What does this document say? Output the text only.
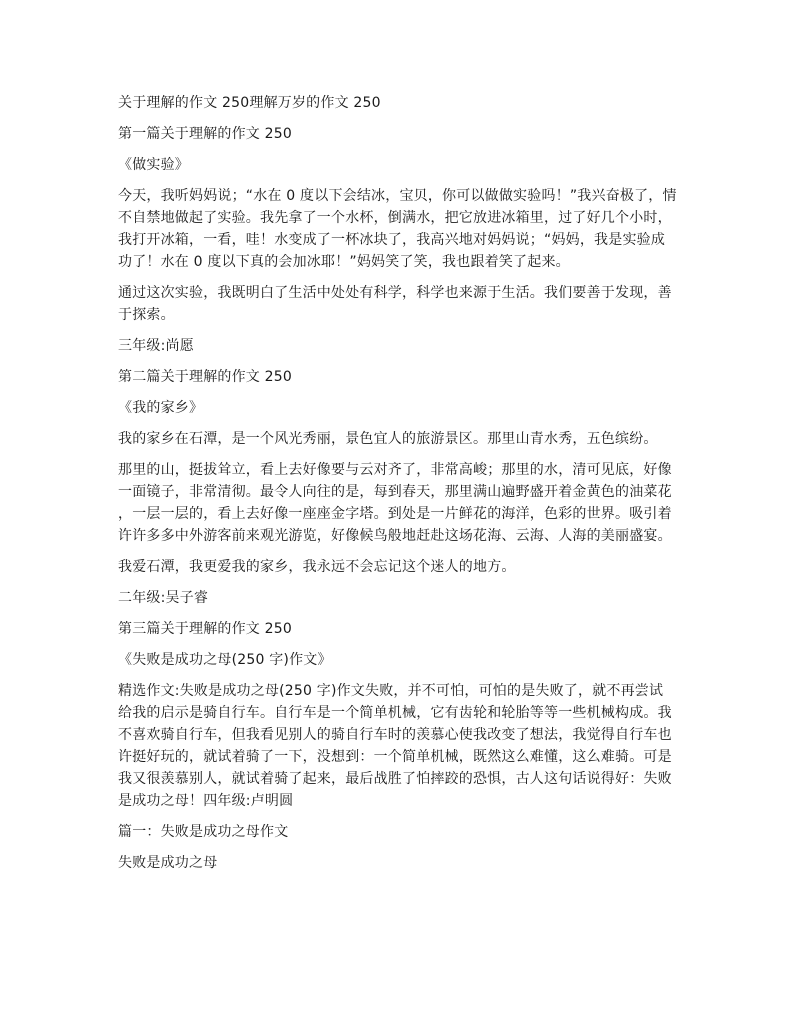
关于理解的作文 250理解万岁的作文 250
第一篇关于理解的作文 250
《做实验》
今天，我听妈妈说；“水在 0 度以下会结冰，宝贝，你可以做做实验吗！”我兴奋极了，情
不自禁地做起了实验。我先拿了一个水杯，倒满水，把它放进冰箱里，过了好几个小时，
我打开冰箱，一看，哇！水变成了一杯冰块了，我高兴地对妈妈说；“妈妈，我是实验成
功了！水在 0 度以下真的会加冰耶！”妈妈笑了笑，我也跟着笑了起来。
通过这次实验，我既明白了生活中处处有科学，科学也来源于生活。我们要善于发现，善
于探索。
三年级:尚愿
第二篇关于理解的作文 250
《我的家乡》
我的家乡在石潭，是一个风光秀丽，景色宜人的旅游景区。那里山青水秀，五色缤纷。
那里的山，挺拔耸立，看上去好像要与云对齐了，非常高峻；那里的水，清可见底，好像
一面镜子，非常清彻。最令人向往的是，每到春天，那里满山遍野盛开着金黄色的油菜花
，一层一层的，看上去好像一座座金字塔。到处是一片鲜花的海洋，色彩的世界。吸引着
许许多多中外游客前来观光游览，好像候鸟般地赶赴这场花海、云海、人海的美丽盛宴。
我爱石潭，我更爱我的家乡，我永远不会忘记这个迷人的地方。
二年级:吴子睿
第三篇关于理解的作文 250
《失败是成功之母(250 字)作文》
精选作文:失败是成功之母(250 字)作文失败，并不可怕，可怕的是失败了，就不再尝试
给我的启示是骑自行车。自行车是一个简单机械，它有齿轮和轮胎等等一些机械构成。我
不喜欢骑自行车，但我看见别人的骑自行车时的羡慕心使我改变了想法，我觉得自行车也
许挺好玩的，就试着骑了一下，没想到：一个简单机械，既然这么难懂，这么难骑。可是
我又很羡慕别人，就试着骑了起来，最后战胜了怕摔跤的恐惧，古人这句话说得好：失败
是成功之母！四年级:卢明圆
篇一：失败是成功之母作文
失败是成功之母
